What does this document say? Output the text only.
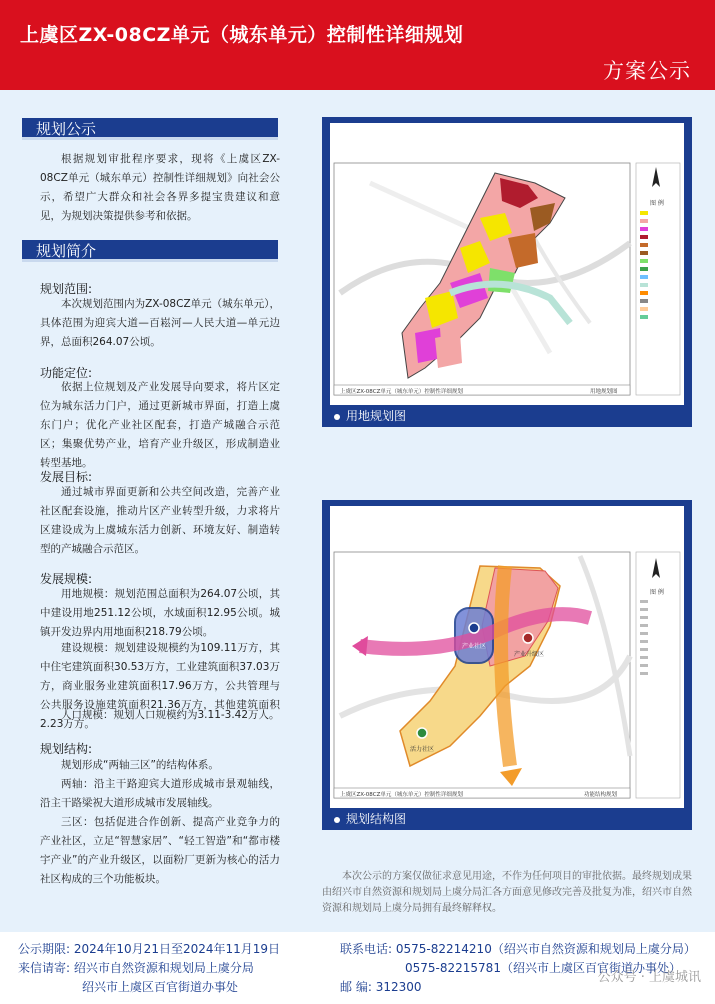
上虞区ZX-08CZ单元（城东单元）控制性详细规划
方案公示
规划公示
根据规划审批程序要求，现将《上虞区ZX-08CZ单元（城东单元）控制性详细规划》向社会公示，希望广大群众和社会各界多提宝贵建议和意见，为规划决策提供参考和依据。
规划简介
规划范围:
本次规划范围内为ZX-08CZ单元（城东单元），具体范围为迎宾大道—百崧河—人民大道—单元边界，总面积264.07公顷。
功能定位:
依据上位规划及产业发展导向要求，将片区定位为城东活力门户，通过更新城市界面，打造上虞东门户；优化产业社区配套，打造产城融合示范区；集聚优势产业，培育产业升级区，形成制造业转型基地。
发展目标:
通过城市界面更新和公共空间改造，完善产业社区配套设施，推动片区产业转型升级，力求将片区建设成为上虞城东活力创新、环境友好、制造转型的产城融合示范区。
发展规模:
用地规模：规划范围总面积为264.07公顷，其中建设用地251.12公顷，水域面积12.95公顷。城镇开发边界内用地面积218.79公顷。
建设规模：规划建设规模约为109.11万方，其中住宅建筑面积30.53万方，工业建筑面积37.03万方，商业服务业建筑面积17.96万方，公共管理与公共服务设施建筑面积21.36万方，其他建筑面积2.23万方。
人口规模：规划人口规模约为3.11-3.42万人。
规划结构:
规划形成“两轴三区”的结构体系。
两轴：沿主干路迎宾大道形成城市景观轴线，沿主干路梁祝大道形成城市发展轴线。
三区：包括促进合作创新、提高产业竞争力的产业社区，立足“智慧家居”、“轻工智造”和“都市楼宇产业”的产业升级区，以面粉厂更新为核心的活力社区构成的三个功能板块。
图 例
上虞区ZX-08CZ单元（城东单元）控制性详细规划	用地规划图
用地规划图
产业社区
产业升级区
活力社区
图 例
上虞区ZX-08CZ单元（城东单元）控制性详细规划	功能结构规划
规划结构图
本次公示的方案仅做征求意见用途，不作为任何项目的审批依据。最终规划成果由绍兴市自然资源和规划局上虞分局汇各方面意见修改完善及批复为准，绍兴市自然资源和规划局上虞分局拥有最终解释权。
公示期限: 2024年10月21日至2024年11月19日
来信请寄: 绍兴市自然资源和规划局上虞分局
绍兴市上虞区百官街道办事处
联系电话: 0575-82214210（绍兴市自然资源和规划局上虞分局）
0575-82215781（绍兴市上虞区百官街道办事处）
邮 编: 312300
公众号 · 上虞城讯
